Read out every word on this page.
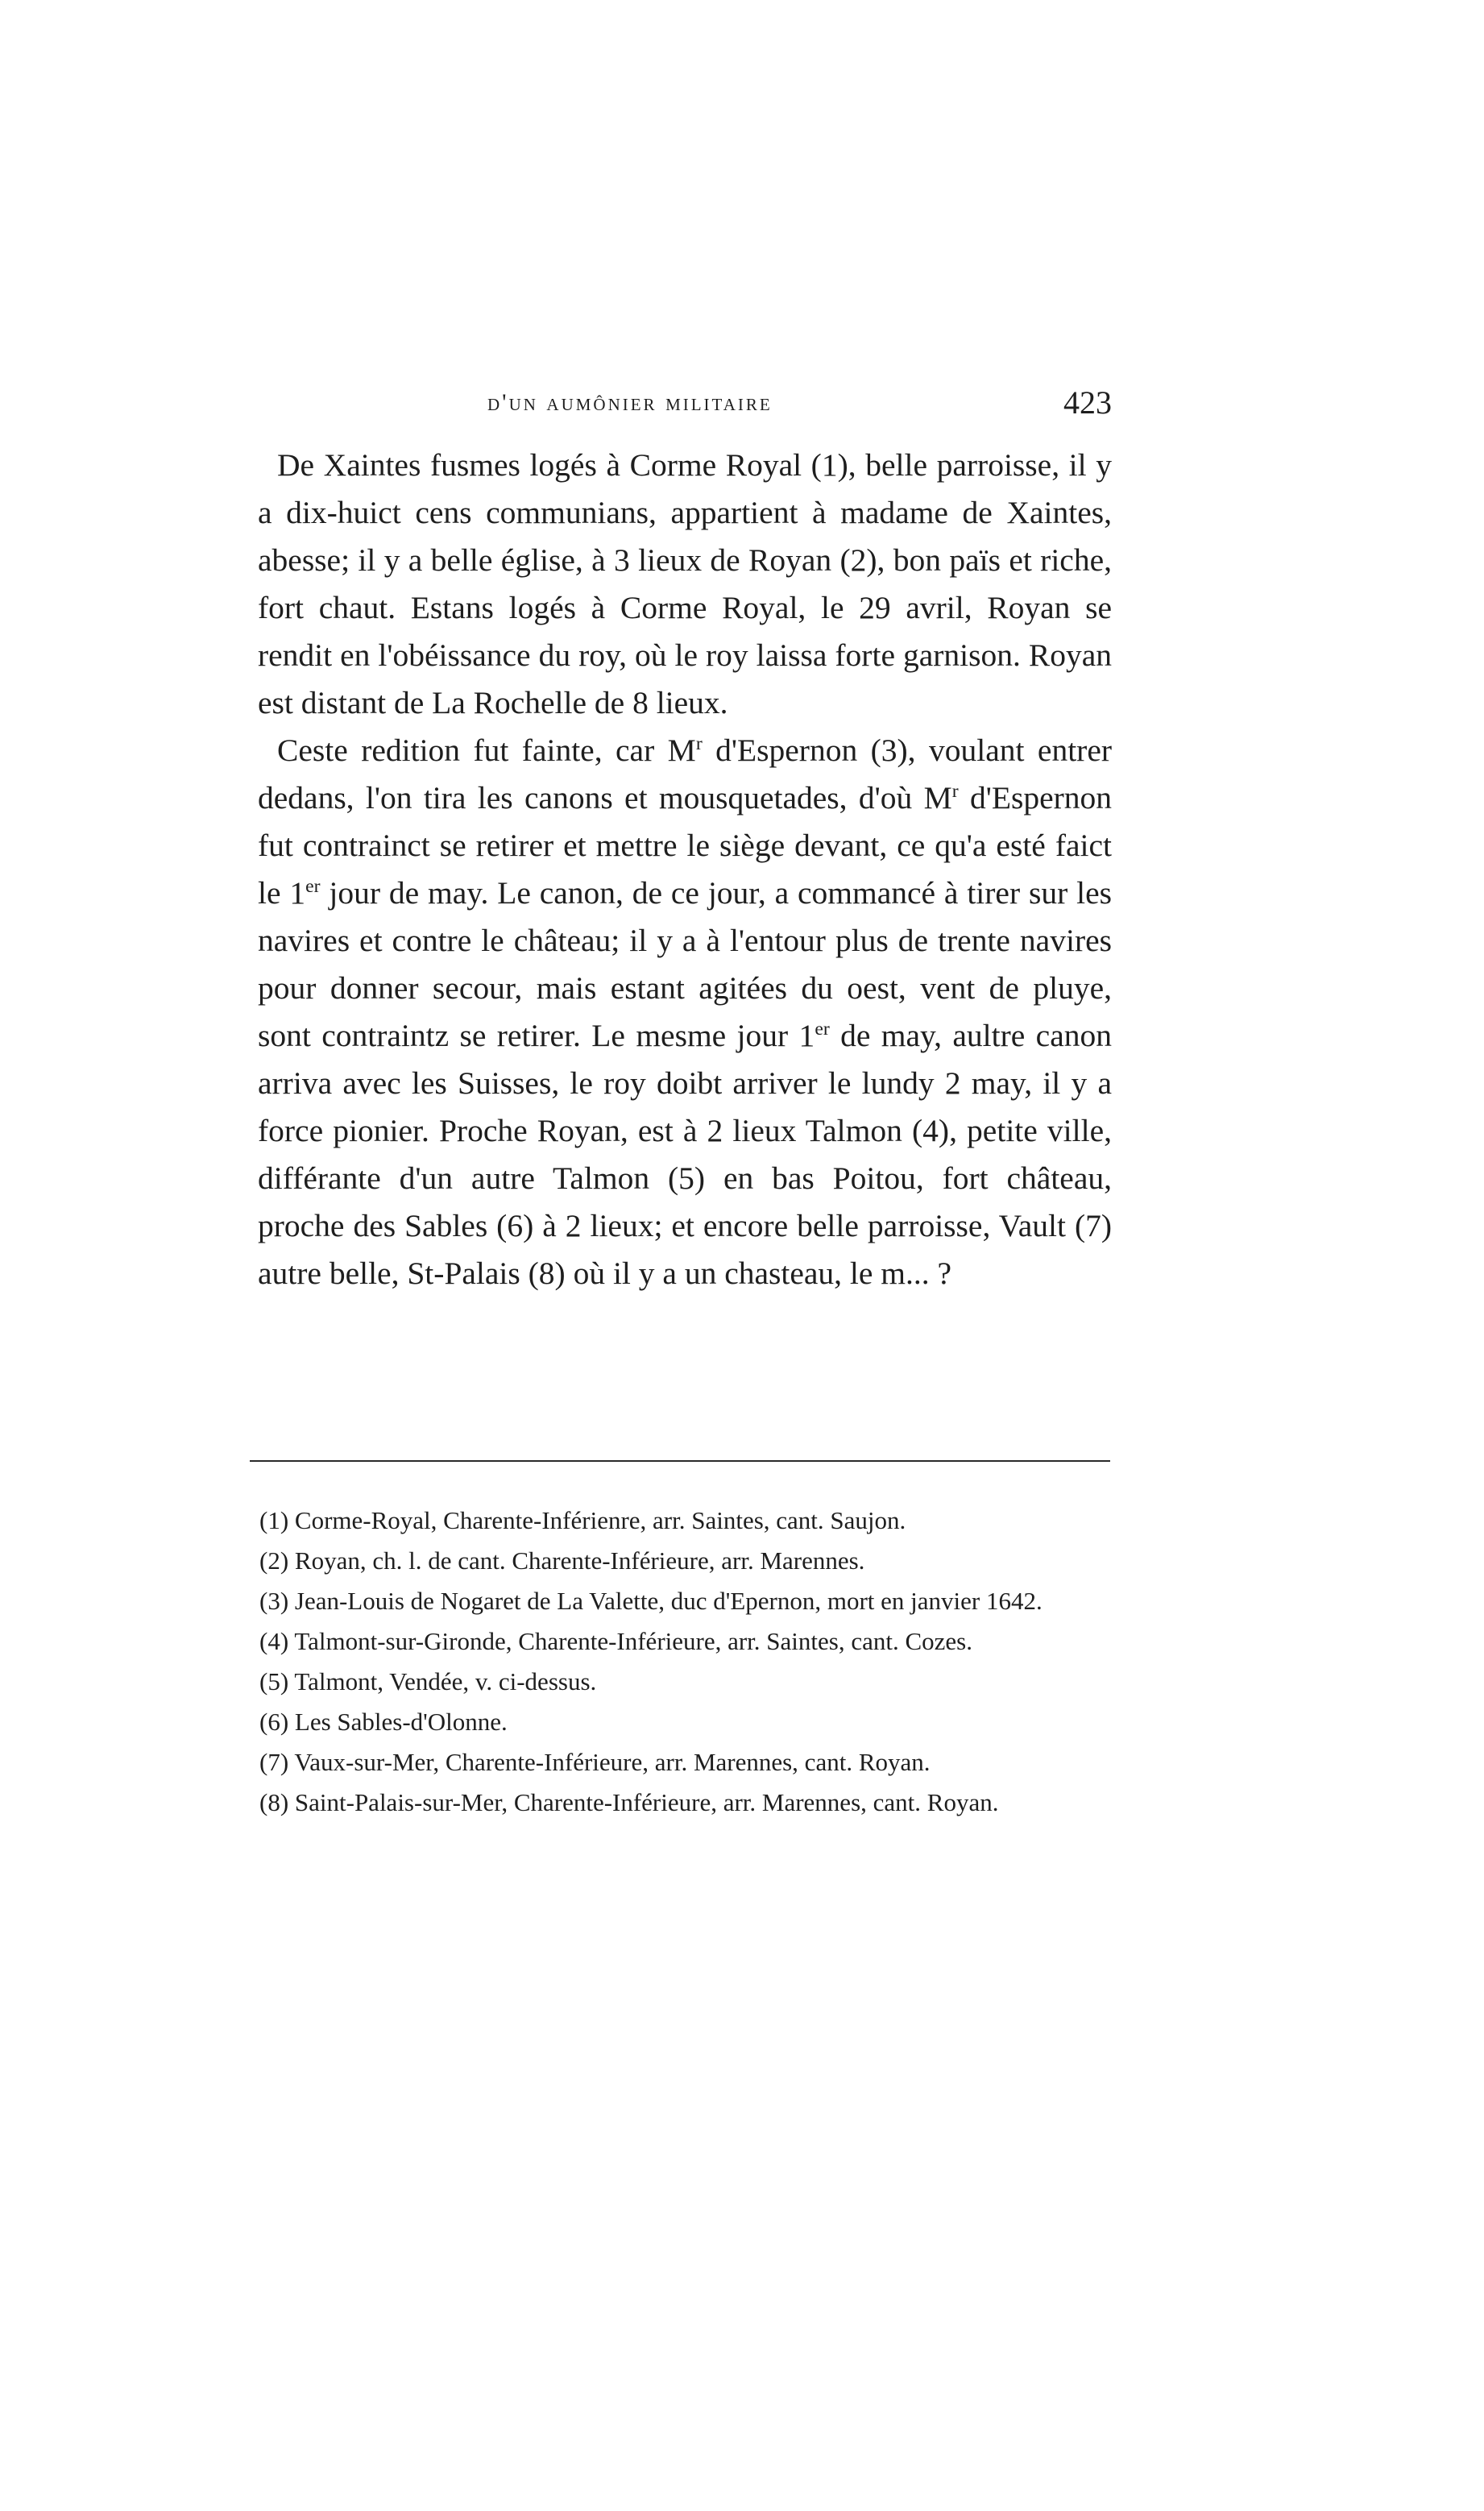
d'un aumônier militaire	423

De Xaintes fusmes logés à Corme Royal (1), belle parroisse, il y a dix-huict cens communians, appartient à madame de Xaintes, abesse; il y a belle église, à 3 lieux de Royan (2), bon païs et riche, fort chaut. Estans logés à Corme Royal, le 29 avril, Royan se rendit en l'obéissance du roy, où le roy laissa forte garnison. Royan est distant de La Rochelle de 8 lieux.

Ceste redition fut fainte, car $M^r$ d'Espernon (3), voulant entrer dedans, l'on tira les canons et mousquetades, d'où $M^r$ d'Espernon fut contrainct se retirer et mettre le siège devant, ce qu'a esté faict le 1er jour de may. Le canon, de ce jour, a commancé à tirer sur les navires et contre le château; il y a à l'entour plus de trente navires pour donner secour, mais estant agitées du oest, vent de pluye, sont contraintz se retirer. Le mesme jour 1er de may, aultre canon arriva avec les Suisses, le roy doibt arriver le lundy 2 may, il y a force pionier. Proche Royan, est à 2 lieux Talmon (4), petite ville, différante d'un autre Talmon (5) en bas Poitou, fort château, proche des Sables (6) à 2 lieux; et encore belle parroisse, Vault (7) autre belle, St-Palais (8) où il y a un chasteau, le m... ?

(1) Corme-Royal, Charente-Inférienre, arr. Saintes, cant. Saujon.

(2) Royan, ch. l. de cant. Charente-Inférieure, arr. Marennes.

(3) Jean-Louis de Nogaret de La Valette, duc d'Epernon, mort en janvier 1642.

(4) Talmont-sur-Gironde, Charente-Inférieure, arr. Saintes, cant. Cozes.

(5) Talmont, Vendée, v. ci-dessus.

(6) Les Sables-d'Olonne.

(7) Vaux-sur-Mer, Charente-Inférieure, arr. Marennes, cant. Royan.

(8) Saint-Palais-sur-Mer, Charente-Inférieure, arr. Marennes, cant. Royan.
